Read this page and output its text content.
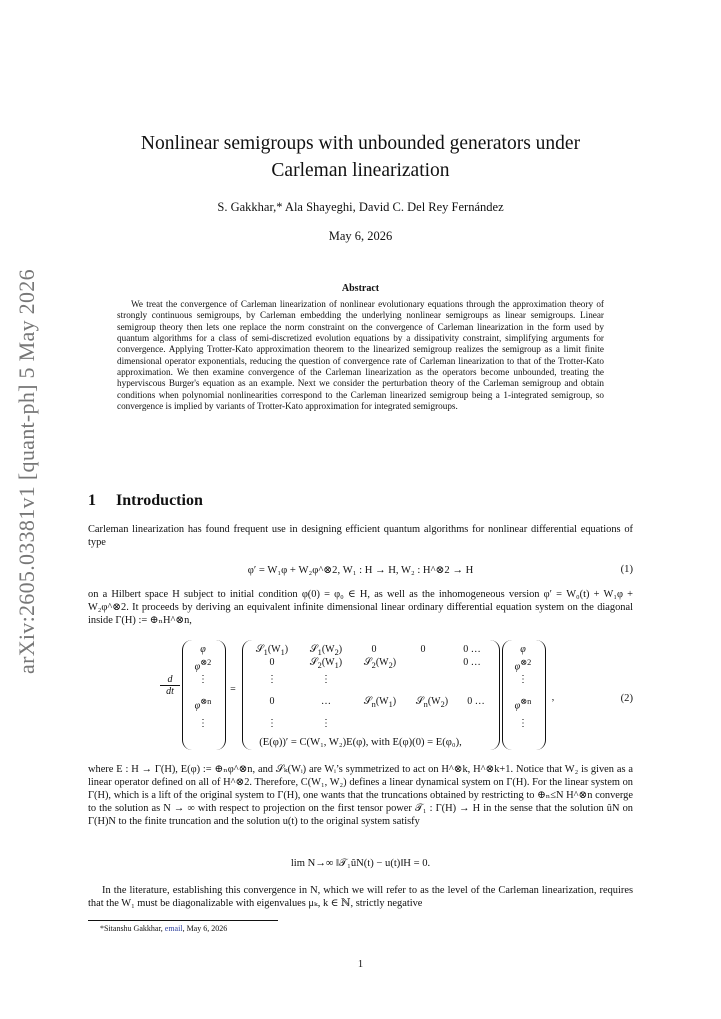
arXiv:2605.03381v1 [quant-ph] 5 May 2026
Nonlinear semigroups with unbounded generators under
Carleman linearization
S. Gakkhar,* Ala Shayeghi, David C. Del Rey Fernández
May 6, 2026
Abstract
We treat the convergence of Carleman linearization of nonlinear evolutionary equations through the approximation theory of strongly continuous semigroups, by Carleman embedding the underlying nonlinear semigroups as linear semigroups. Linear semigroup theory then lets one replace the norm constraint on the convergence of Carleman linearization in the form used by quantum algorithms for a class of semi-discretized evolution equations by a dissipativity constraint, simplifying arguments for convergence. Applying Trotter-Kato approximation theorem to the linearized semigroup realizes the semigroup as a limit finite dimensional operator exponentials, reducing the question of convergence rate of Carleman linearization to that of the Trotter-Kato approximation. We then examine convergence of the Carleman linearization as the operators become unbounded, treating the hyperviscous Burger's equation as an example. Next we consider the perturbation theory of the Carleman semigroup and obtain conditions when polynomial nonlinearities correspond to the Carleman linearized semigroup being a 1-integrated semigroup, so convergence is implied by variants of Trotter-Kato approximation for integrated semigroups.
1 Introduction
Carleman linearization has found frequent use in designing efficient quantum algorithms for nonlinear differential equations of type
φ′ = W₁φ + W₂φ^⊗2, W₁ : H → H, W₂ : H^⊗2 → H	(1)
on a Hilbert space H subject to initial condition φ(0) = φ₀ ∈ H, as well as the inhomogeneous version φ′ = W₀(t) + W₁φ + W₂φ^⊗2. It proceeds by deriving an equivalent infinite dimensional linear ordinary differential equation system on the diagonal inside Γ(H) := ⊕ₙH^⊗n,
d

dt
φ
$\varphi^{\otimes 2}$
⋮
$\varphi^{\otimes n}$
⋮
=
$𝒮_1(W_1)$	$𝒮_1(W_2)$	0	0	0 …
0	$𝒮_2(W_1)$	$𝒮_2(W_2)$	0 …
⋮	⋮
0	…	$𝒮_n(W_1)$	$𝒮_n(W_2)$	0 …
⋮	⋮
φ
$\varphi^{\otimes 2}$
⋮
$\varphi^{\otimes n}$
⋮
,	(2)
(E(φ))′ = C(W₁, W₂)E(φ), with E(φ)(0) = E(φ₀),
where E : H → Γ(H), E(φ) := ⊕ₙφ^⊗n, and 𝒮ₖ(Wᵢ) are Wᵢ’s symmetrized to act on H^⊗k, H^⊗k+1. Notice that W₂ is given as a linear operator defined on all of H^⊗2. Therefore, C(W₁, W₂) defines a linear dynamical system on Γ(H). For the linear system on Γ(H), which is a lift of the original system to Γ(H), one wants that the truncations obtained by restricting to ⊕ₙ≤N H^⊗n converge to the solution as N → ∞ with respect to projection on the first tensor power 𝒯₁ : Γ(H) → H in the sense that the solution ûN on Γ(H)N to the finite truncation and the solution u(t) to the original system satisfy
lim N→∞ ‖𝒯₁ûN(t) − u(t)‖H = 0.
In the literature, establishing this convergence in N, which we will refer to as the level of the Carleman linearization, requires that the W₁ must be diagonalizable with eigenvalues μₖ, k ∈ ℕ, strictly negative
*Sitanshu Gakkhar, email, May 6, 2026
1
